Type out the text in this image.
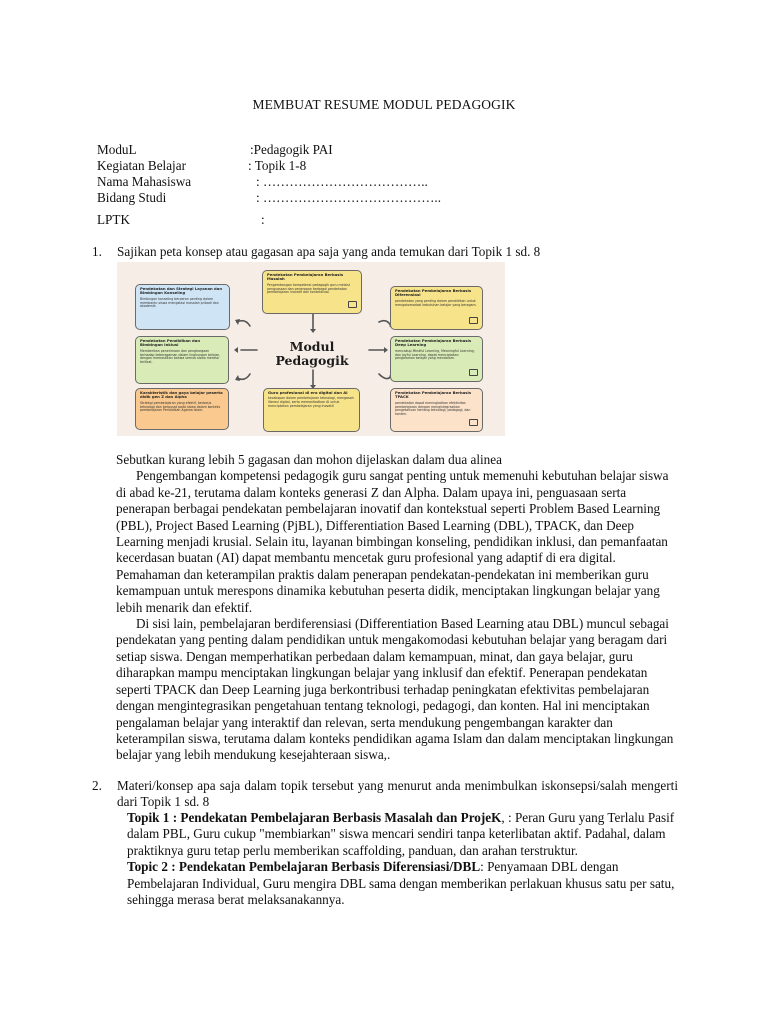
MEMBUAT RESUME MODUL PEDAGOGIK
ModuL	:Pedagogik PAI
Kegiatan Belajar	: Topik 1-8
Nama Mahasiswa	: ………………………………..
Bidang Studi	: …………………………………..
LPTK	:
1. Sajikan peta konsep atau gagasan apa saja yang anda temukan dari Topik 1 sd. 8
Pendekatan dan Strategi Layanan dan Bimbingan Konseling
Bimbingan konseling berperan penting dalam membantu siswa mengatasi masalah pribadi dan akademik.
Pendekatan Pembelajaran Berbasis Masalah
Pengembangan kompetensi pedagogik guru melalui penguasaan dan penerapan berbagai pendekatan pembelajaran inovatif dan kontekstual.	Pendekatan Pembelajaran Berbasis Diferensiasi
pendekatan yang penting dalam pendidikan untuk mengakomodasi kebutuhan belajar yang beragam.
Pendekatan Pendidikan dan Bimbingan Inklusi
Memberikan penerimaan dan penghargaan terhadap keberagaman dalam lingkungan belajar, dengan memastikan bahwa semua siswa merasa terlibat.
Modul Pedagogik
Pendekatan Pembelajaran Berbasis Deep Learning
mencakup Mindful Learning, Meaningful Learning, dan Joyful Learning, dapat menciptakan pengalaman belajar yang mendalam.
Karakteristik dan gaya belajar peserta didik gen Z dan Alpha
Strategi pembelajaran yang efektif, berbasis teknologi dan berpusat pada siswa dalam konteks pembelajaran Pendidikan Agama Islam.
Guru profesional di era digital dan AI
kecakapan dalam pembelajaran teknologi, mengasah literasi digital, serta memanfaatkan AI untuk menciptakan pembelajaran yang inovatif.
Pendekatan Pembelajaran Berbasis TPACK
pendekatan dapat meningkatkan efektivitas pembelajaran dengan mengintegrasikan pengetahuan tentang teknologi, pedagogi, dan konten.

Sebutkan kurang lebih 5 gagasan dan mohon dijelaskan dalam dua alinea

Pengembangan kompetensi pedagogik guru sangat penting untuk memenuhi kebutuhan belajar siswa di abad ke-21, terutama dalam konteks generasi Z dan Alpha. Dalam upaya ini, penguasaan serta penerapan berbagai pendekatan pembelajaran inovatif dan kontekstual seperti Problem Based Learning (PBL), Project Based Learning (PjBL), Differentiation Based Learning (DBL), TPACK, dan Deep Learning menjadi krusial. Selain itu, layanan bimbingan konseling, pendidikan inklusi, dan pemanfaatan kecerdasan buatan (AI) dapat membantu mencetak guru profesional yang adaptif di era digital. Pemahaman dan keterampilan praktis dalam penerapan pendekatan-pendekatan ini memberikan guru kemampuan untuk merespons dinamika kebutuhan peserta didik, menciptakan lingkungan belajar yang lebih menarik dan efektif.

Di sisi lain, pembelajaran berdiferensiasi (Differentiation Based Learning atau DBL) muncul sebagai pendekatan yang penting dalam pendidikan untuk mengakomodasi kebutuhan belajar yang beragam dari setiap siswa. Dengan memperhatikan perbedaan dalam kemampuan, minat, dan gaya belajar, guru diharapkan mampu menciptakan lingkungan belajar yang inklusif dan efektif. Penerapan pendekatan seperti TPACK dan Deep Learning juga berkontribusi terhadap peningkatan efektivitas pembelajaran dengan mengintegrasikan pengetahuan tentang teknologi, pedagogi, dan konten. Hal ini menciptakan pengalaman belajar yang interaktif dan relevan, serta mendukung pengembangan karakter dan keterampilan siswa, terutama dalam konteks pendidikan agama Islam dan dalam menciptakan lingkungan belajar yang lebih mendukung kesejahteraan siswa,.

2. Materi/konsep apa saja dalam topik tersebut yang menurut anda menimbulkan iskonsepsi/salah mengerti dari Topik 1 sd. 8

Topik 1 : Pendekatan Pembelajaran Berbasis Masalah dan ProjeK, : Peran Guru yang Terlalu Pasif dalam PBL, Guru cukup "membiarkan" siswa mencari sendiri tanpa keterlibatan aktif. Padahal, dalam praktiknya guru tetap perlu memberikan scaffolding, panduan, dan arahan terstruktur.

Topic 2 : Pendekatan Pembelajaran Berbasis Diferensiasi/DBL: Penyamaan DBL dengan Pembelajaran Individual, Guru mengira DBL sama dengan memberikan perlakuan khusus satu per satu, sehingga merasa berat melaksanakannya.
